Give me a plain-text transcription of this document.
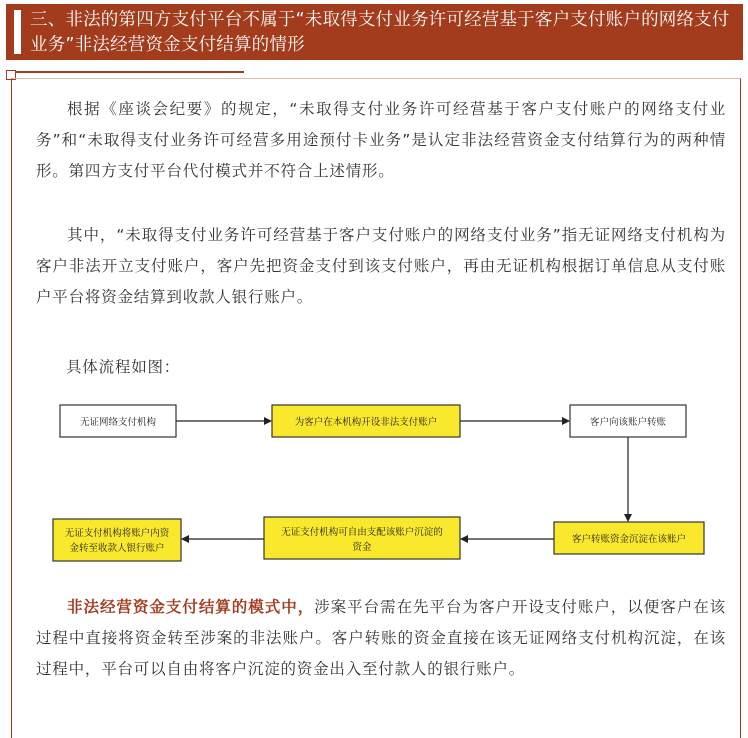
三、非法的第四方支付平台不属于“未取得支付业务许可经营基于客户支付账户的网络支付业务”非法经营资金支付结算的情形
根据《座谈会纪要》的规定，“未取得支付业务许可经营基于客户支付账户的网络支付业务”和“未取得支付业务许可经营多用途预付卡业务”是认定非法经营资金支付结算行为的两种情形。第四方支付平台代付模式并不符合上述情形。
其中，“未取得支付业务许可经营基于客户支付账户的网络支付业务”指无证网络支付机构为客户非法开立支付账户，客户先把资金支付到该支付账户，再由无证机构根据订单信息从支付账户平台将资金结算到收款人银行账户。
具体流程如图：
无证网络支付机构	为客户在本机构开设非法支付账户	客户向该账户转账
客户转账资金沉淀在该账户
无证支付机构可自由支配该账户沉淀的
资金
无证支付机构将账户内资
金转至收款人银行账户
非法经营资金支付结算的模式中，涉案平台需在先平台为客户开设支付账户，以便客户在该过程中直接将资金转至涉案的非法账户。客户转账的资金直接在该无证网络支付机构沉淀，在该过程中，平台可以自由将客户沉淀的资金出入至付款人的银行账户。
